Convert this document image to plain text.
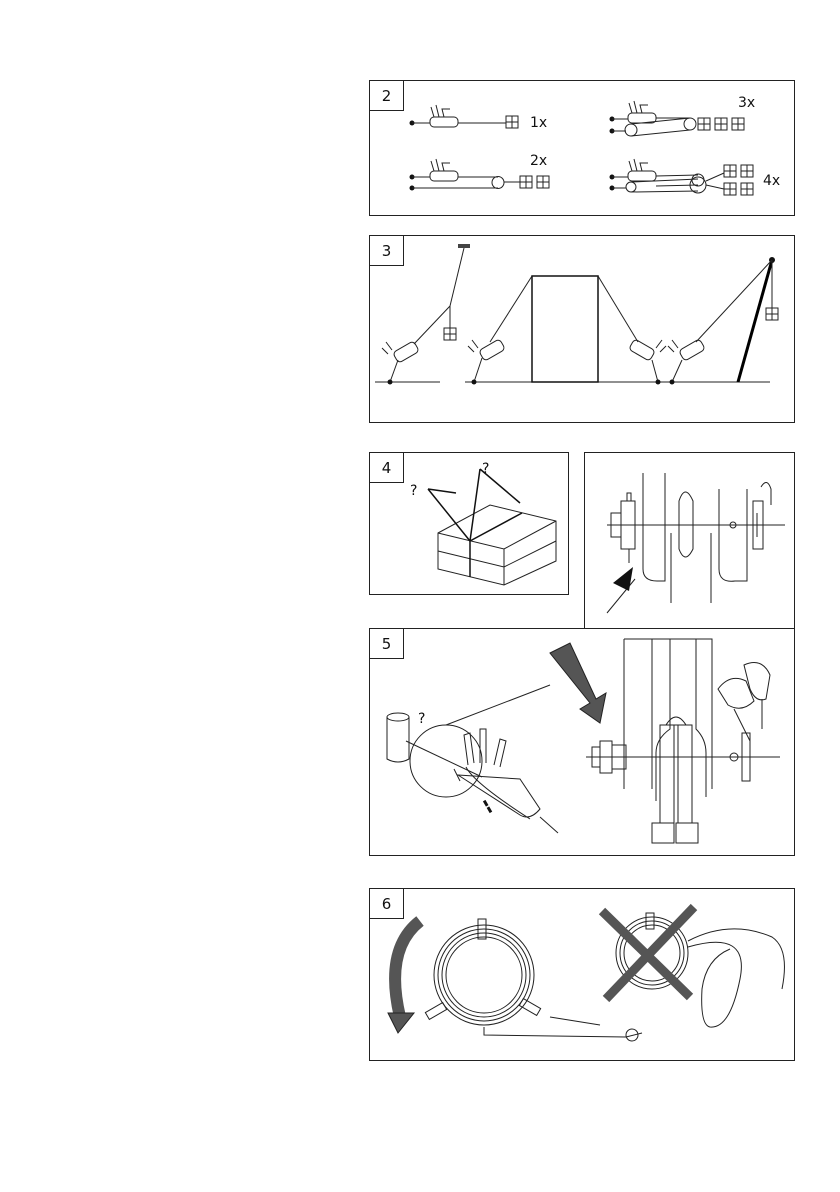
2
1x
2x
3x
4x
3
4
?
?
5
?
▬▬
6
